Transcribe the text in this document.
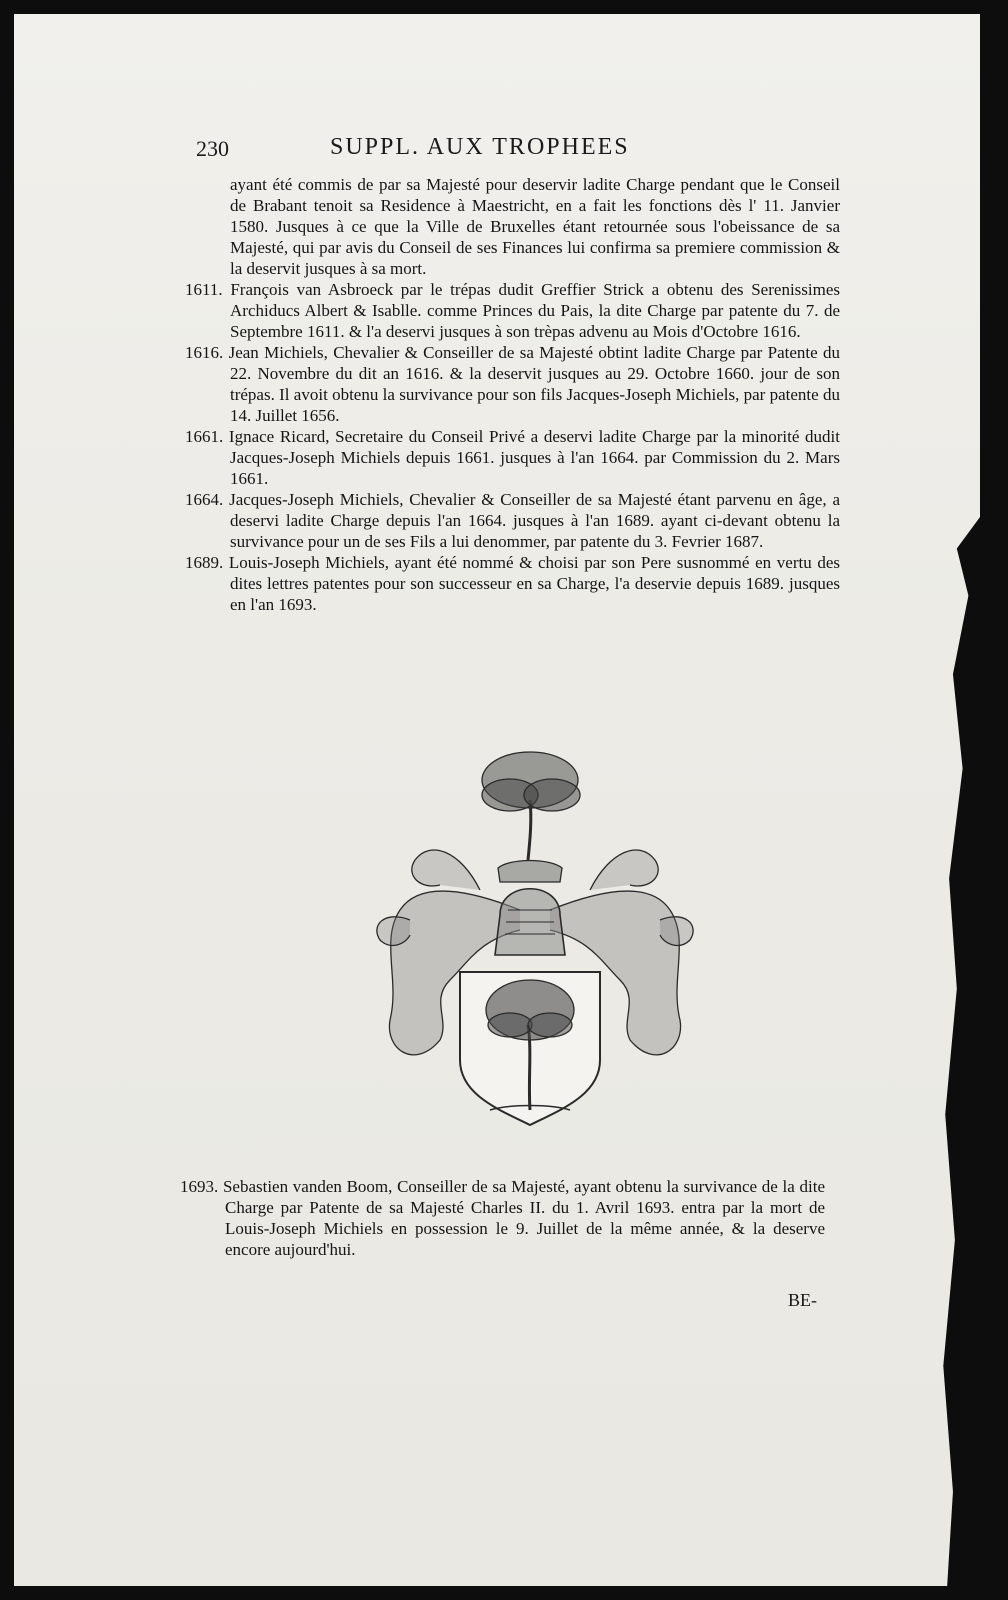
230	SUPPL. AUX TROPHEES

ayant été commis de par sa Majesté pour deservir ladite Charge pendant que le Conseil de Brabant tenoit sa Residence à Maestricht, en a fait les fonctions dès l' 11. Janvier 1580. Jusques à ce que la Ville de Bruxelles étant retournée sous l'obeissance de sa Majesté, qui par avis du Conseil de ses Finances lui confirma sa premiere commission & la deservit jusques à sa mort.

1611. François van Asbroeck par le trépas dudit Greffier Strick a obtenu des Serenissimes Archiducs Albert & Isablle. comme Princes du Pais, la dite Charge par patente du 7. de Septembre 1611. & l'a deservi jusques à son trèpas advenu au Mois d'Octobre 1616.

1616. Jean Michiels, Chevalier & Conseiller de sa Majesté obtint ladite Charge par Patente du 22. Novembre du dit an 1616. & la deservit jusques au 29. Octobre 1660. jour de son trépas. Il avoit obtenu la survivance pour son fils Jacques-Joseph Michiels, par patente du 14. Juillet 1656.

1661. Ignace Ricard, Secretaire du Conseil Privé a deservi ladite Charge par la minorité dudit Jacques-Joseph Michiels depuis 1661. jusques à l'an 1664. par Commission du 2. Mars 1661.

1664. Jacques-Joseph Michiels, Chevalier & Conseiller de sa Majesté étant parvenu en âge, a deservi ladite Charge depuis l'an 1664. jusques à l'an 1689. ayant ci-devant obtenu la survivance pour un de ses Fils a lui denommer, par patente du 3. Fevrier 1687.

1689. Louis-Joseph Michiels, ayant été nommé & choisi par son Pere susnommé en vertu des dites lettres patentes pour son successeur en sa Charge, l'a deservie depuis 1689. jusques en l'an 1693.

1693. Sebastien vanden Boom, Conseiller de sa Majesté, ayant obtenu la survivance de la dite Charge par Patente de sa Majesté Charles II. du 1. Avril 1693. entra par la mort de Louis-Joseph Michiels en possession le 9. Juillet de la même année, & la deserve encore aujourd'hui.

BE-
